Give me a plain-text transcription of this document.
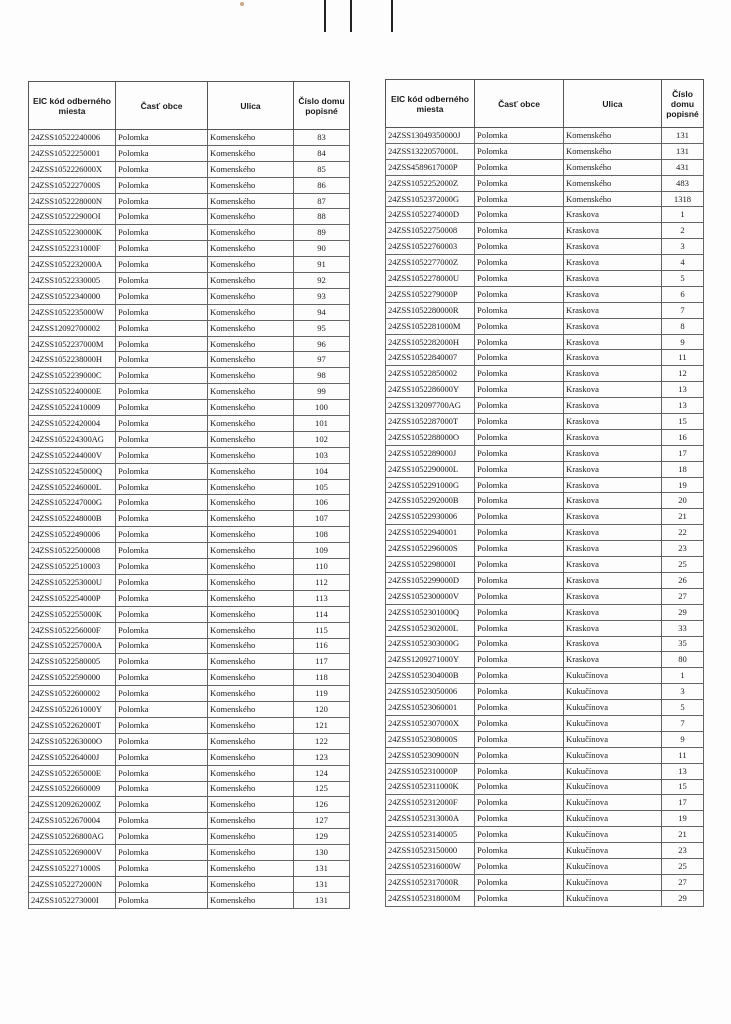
EIC kód odberného miesta	Časť obce	Ulica	Číslo domu popisné
24ZSS10522240006	Polomka	Komenského	83
24ZSS10522250001	Polomka	Komenského	84
24ZSS1052226000X	Polomka	Komenského	85
24ZSS1052227000S	Polomka	Komenského	86
24ZSS1052228000N	Polomka	Komenského	87
24ZSS105222900OI	Polomka	Komenského	88
24ZSS1052230000K	Polomka	Komenského	89
24ZSS1052231000F	Polomka	Komenského	90
24ZSS1052232000A	Polomka	Komenského	91
24ZSS10522330005	Polomka	Komenského	92
24ZSS10522340000	Polomka	Komenského	93
24ZSS1052235000W	Polomka	Komenského	94
24ZSS12092700002	Polomka	Komenského	95
24ZSS1052237000M	Polomka	Komenského	96
24ZSS1052238000H	Polomka	Komenského	97
24ZSS1052239000C	Polomka	Komenského	98
24ZSS1052240000E	Polomka	Komenského	99
24ZSS10522410009	Polomka	Komenského	100
24ZSS10522420004	Polomka	Komenského	101
24ZSS105224300AG	Polomka	Komenského	102
24ZSS1052244000V	Polomka	Komenského	103
24ZSS1052245000Q	Polomka	Komenského	104
24ZSS1052246000L	Polomka	Komenského	105
24ZSS1052247000G	Polomka	Komenského	106
24ZSS1052248000B	Polomka	Komenského	107
24ZSS10522490006	Polomka	Komenského	108
24ZSS10522500008	Polomka	Komenského	109
24ZSS10522510003	Polomka	Komenského	110
24ZSS1052253000U	Polomka	Komenského	112
24ZSS1052254000P	Polomka	Komenského	113
24ZSS1052255000K	Polomka	Komenského	114
24ZSS1052256000F	Polomka	Komenského	115
24ZSS1052257000A	Polomka	Komenského	116
24ZSS10522580005	Polomka	Komenského	117
24ZSS10522590000	Polomka	Komenského	118
24ZSS10522600002	Polomka	Komenského	119
24ZSS1052261000Y	Polomka	Komenského	120
24ZSS1052262000T	Polomka	Komenského	121
24ZSS1052263000O	Polomka	Komenského	122
24ZSS1052264000J	Polomka	Komenského	123
24ZSS1052265000E	Polomka	Komenského	124
24ZSS10522660009	Polomka	Komenského	125
24ZSS1209262000Z	Polomka	Komenského	126
24ZSS10522670004	Polomka	Komenského	127
24ZSS105226800AG	Polomka	Komenského	129
24ZSS1052269000V	Polomka	Komenského	130
24ZSS1052271000S	Polomka	Komenského	131
24ZSS1052272000N	Polomka	Komenského	131
24ZSS1052273000I	Polomka	Komenského	131
EIC kód odberného miesta	Časť obce	Ulica	Číslo domu popisné
24ZSS13049350000J	Polomka	Komenského	131
24ZSS1322057000L	Polomka	Komenského	131
24ZSS4589617000P	Polomka	Komenského	431
24ZSS1052252000Z	Polomka	Komenského	483
24ZSS1052372000G	Polomka	Komenského	1318
24ZSS1052274000D	Polomka	Kraskova	1
24ZSS10522750008	Polomka	Kraskova	2
24ZSS10522760003	Polomka	Kraskova	3
24ZSS1052277000Z	Polomka	Kraskova	4
24ZSS1052278000U	Polomka	Kraskova	5
24ZSS1052279000P	Polomka	Kraskova	6
24ZSS1052280000R	Polomka	Kraskova	7
24ZSS1052281000M	Polomka	Kraskova	8
24ZSS1052282000H	Polomka	Kraskova	9
24ZSS10522840007	Polomka	Kraskova	11
24ZSS10522850002	Polomka	Kraskova	12
24ZSS1052286000Y	Polomka	Kraskova	13
24ZSS132097700AG	Polomka	Kraskova	13
24ZSS1052287000T	Polomka	Kraskova	15
24ZSS1052288000O	Polomka	Kraskova	16
24ZSS1052289000J	Polomka	Kraskova	17
24ZSS1052290000L	Polomka	Kraskova	18
24ZSS1052291000G	Polomka	Kraskova	19
24ZSS1052292000B	Polomka	Kraskova	20
24ZSS10522930006	Polomka	Kraskova	21
24ZSS10522940001	Polomka	Kraskova	22
24ZSS1052296000S	Polomka	Kraskova	23
24ZSS1052298000I	Polomka	Kraskova	25
24ZSS1052299000D	Polomka	Kraskova	26
24ZSS1052300000V	Polomka	Kraskova	27
24ZSS1052301000Q	Polomka	Kraskova	29
24ZSS1052302000L	Polomka	Kraskova	33
24ZSS1052303000G	Polomka	Kraskova	35
24ZSS1209271000Y	Polomka	Kraskova	80
24ZSS1052304000B	Polomka	Kukučínova	1
24ZSS10523050006	Polomka	Kukučínova	3
24ZSS10523060001	Polomka	Kukučínova	5
24ZSS1052307000X	Polomka	Kukučínova	7
24ZSS1052308000S	Polomka	Kukučínova	9
24ZSS1052309000N	Polomka	Kukučínova	11
24ZSS1052310000P	Polomka	Kukučínova	13
24ZSS1052311000K	Polomka	Kukučínova	15
24ZSS1052312000F	Polomka	Kukučínova	17
24ZSS1052313000A	Polomka	Kukučínova	19
24ZSS10523140005	Polomka	Kukučínova	21
24ZSS10523150000	Polomka	Kukučínova	23
24ZSS1052316000W	Polomka	Kukučínova	25
24ZSS1052317000R	Polomka	Kukučínova	27
24ZSS1052318000M	Polomka	Kukučínova	29
